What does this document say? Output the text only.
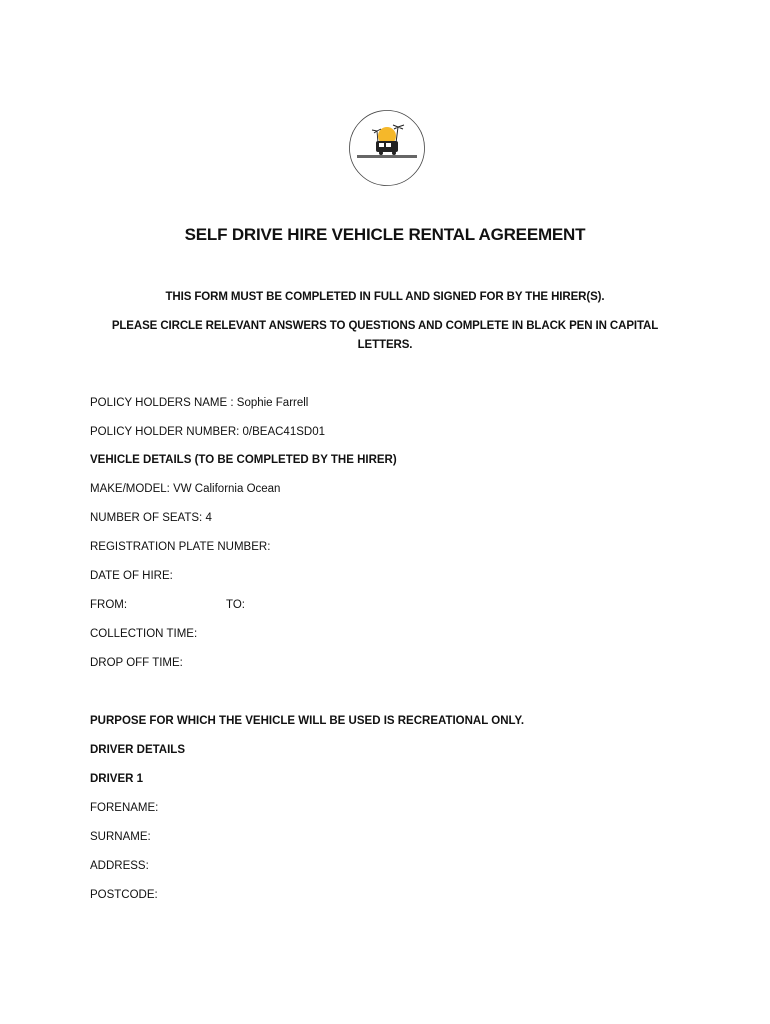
SELF DRIVE HIRE VEHICLE RENTAL AGREEMENT
THIS FORM MUST BE COMPLETED IN FULL AND SIGNED FOR BY THE HIRER(S).
PLEASE CIRCLE RELEVANT ANSWERS TO QUESTIONS AND COMPLETE IN BLACK PEN IN CAPITAL LETTERS.
POLICY HOLDERS NAME : Sophie Farrell
POLICY HOLDER NUMBER: 0/BEAC41SD01
VEHICLE DETAILS (TO BE COMPLETED BY THE HIRER)
MAKE/MODEL: VW California Ocean
NUMBER OF SEATS: 4
REGISTRATION PLATE NUMBER:
DATE OF HIRE:
FROM:	TO:
COLLECTION TIME:
DROP OFF TIME:
PURPOSE FOR WHICH THE VEHICLE WILL BE USED IS RECREATIONAL ONLY.
DRIVER DETAILS
DRIVER 1
FORENAME:
SURNAME:
ADDRESS:
POSTCODE:
